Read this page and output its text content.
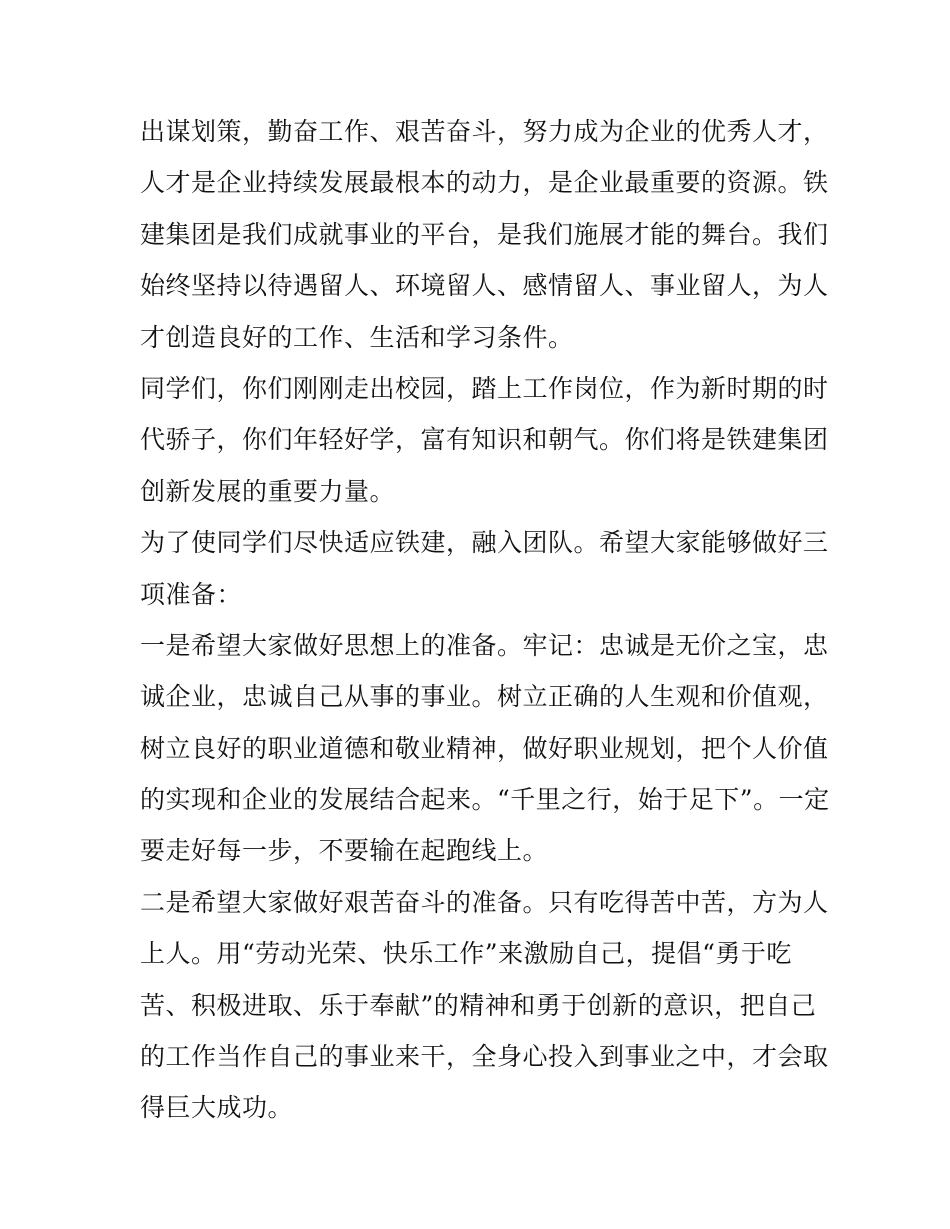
出谋划策，勤奋工作、艰苦奋斗，努力成为企业的优秀人才，
人才是企业持续发展最根本的动力，是企业最重要的资源。铁
建集团是我们成就事业的平台，是我们施展才能的舞台。我们
始终坚持以待遇留人、环境留人、感情留人、事业留人，为人
才创造良好的工作、生活和学习条件。
同学们，你们刚刚走出校园，踏上工作岗位，作为新时期的时
代骄子，你们年轻好学，富有知识和朝气。你们将是铁建集团
创新发展的重要力量。
为了使同学们尽快适应铁建，融入团队。希望大家能够做好三
项准备：
一是希望大家做好思想上的准备。牢记：忠诚是无价之宝，忠
诚企业，忠诚自己从事的事业。树立正确的人生观和价值观，
树立良好的职业道德和敬业精神，做好职业规划，把个人价值
的实现和企业的发展结合起来。“千里之行，始于足下”。一定
要走好每一步，不要输在起跑线上。
二是希望大家做好艰苦奋斗的准备。只有吃得苦中苦，方为人
上人。用“劳动光荣、快乐工作”来激励自己，提倡“勇于吃
苦、积极进取、乐于奉献”的精神和勇于创新的意识，把自己
的工作当作自己的事业来干，全身心投入到事业之中，才会取
得巨大成功。
